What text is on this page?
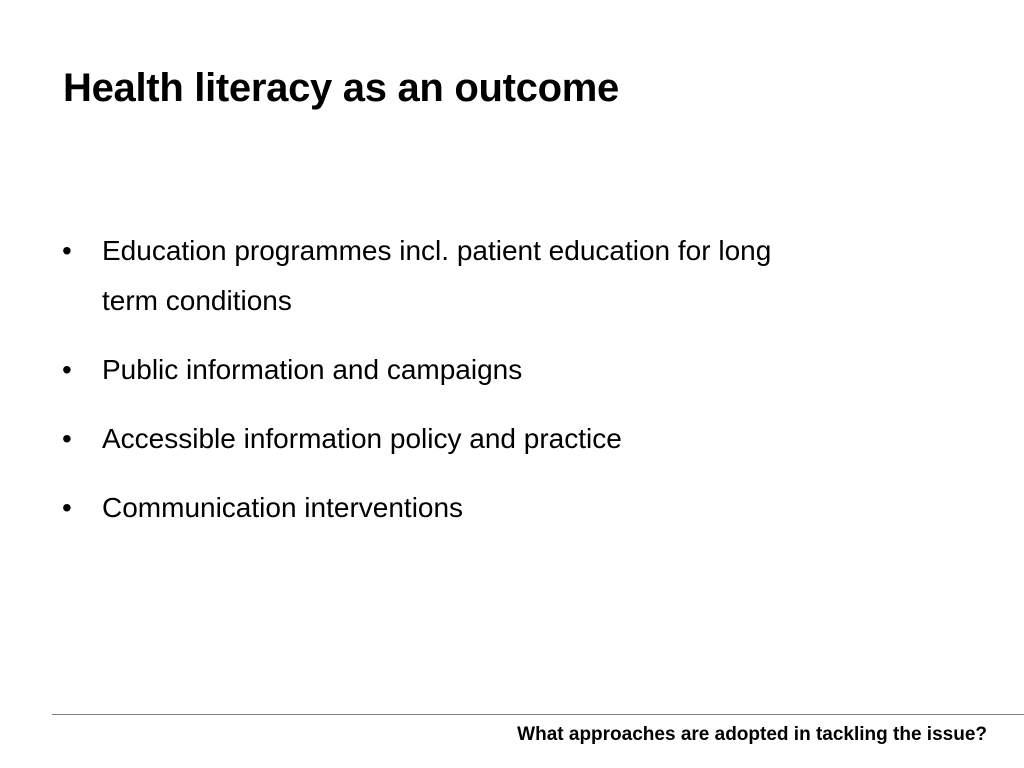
Health literacy as an outcome
• Education programmes incl. patient education for long term conditions
• Public information and campaigns
• Accessible information policy and practice
• Communication interventions
What approaches are adopted in tackling the issue?
